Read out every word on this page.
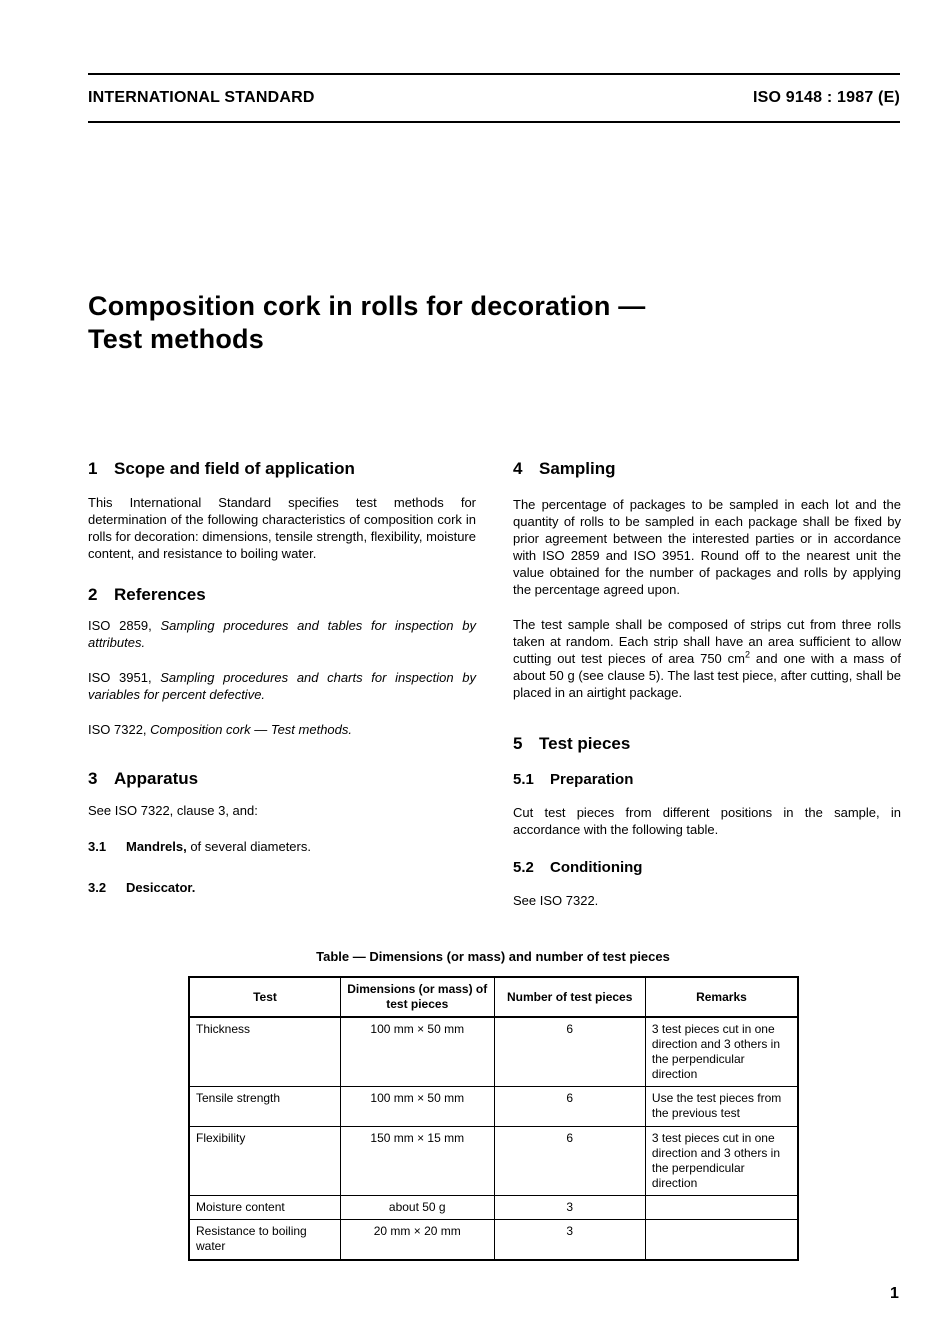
INTERNATIONAL STANDARD	ISO 9148 : 1987 (E)
Composition cork in rolls for decoration —
Test methods
1 Scope and field of application

This International Standard specifies test methods for determination of the following characteristics of composition cork in rolls for decoration: dimensions, tensile strength, flexibility, moisture content, and resistance to boiling water.

2 References

ISO 2859, Sampling procedures and tables for inspection by attributes.

ISO 3951, Sampling procedures and charts for inspection by variables for percent defective.

ISO 7322, Composition cork — Test methods.

3 Apparatus

See ISO 7322, clause 3, and:

3.1	Mandrels, of several diameters.
3.2	Desiccator.
4 Sampling

The percentage of packages to be sampled in each lot and the quantity of rolls to be sampled in each package shall be fixed by prior agreement between the interested parties or in accordance with ISO 2859 and ISO 3951. Round off to the nearest unit the value obtained for the number of packages and rolls by applying the percentage agreed upon.

The test sample shall be composed of strips cut from three rolls taken at random. Each strip shall have an area sufficient to allow cutting out test pieces of area 750 $cm^2$ and one with a mass of about 50 g (see clause 5). The last test piece, after cutting, shall be placed in an airtight package.

5 Test pieces
5.1	Preparation

Cut test pieces from different positions in the sample, in accordance with the following table.

5.2	Conditioning

See ISO 7322.

Table — Dimensions (or mass) and number of test pieces
Test	Dimensions (or mass) of test pieces	Number of test pieces	Remarks
Thickness	100 mm × 50 mm	6	3 test pieces cut in one direction and 3 others in the perpendicular direction
Tensile strength	100 mm × 50 mm	6	Use the test pieces from the previous test
Flexibility	150 mm × 15 mm	6	3 test pieces cut in one direction and 3 others in the perpendicular direction
Moisture content	about 50 g	3	
Resistance to boiling water	20 mm × 20 mm	3	
1
